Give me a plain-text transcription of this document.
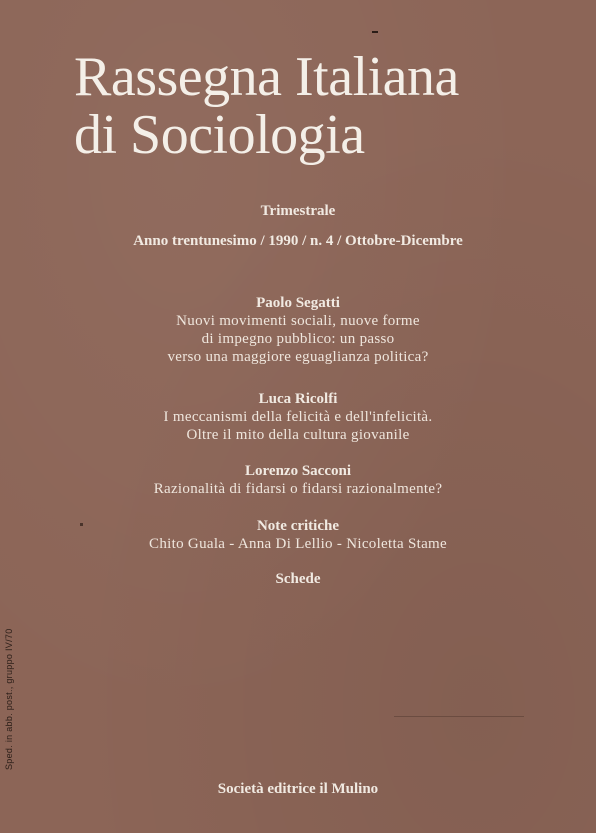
Rassegna Italiana
di Sociologia
Trimestrale
Anno trentunesimo / 1990 / n. 4 / Ottobre-Dicembre
Paolo Segatti
Nuovi movimenti sociali, nuove forme
di impegno pubblico: un passo
verso una maggiore eguaglianza politica?
Luca Ricolfi
I meccanismi della felicità e dell'infelicità.
Oltre il mito della cultura giovanile
Lorenzo Sacconi
Razionalità di fidarsi o fidarsi razionalmente?
Note critiche
Chito Guala - Anna Di Lellio - Nicoletta Stame
Schede
Sped. in abb. post., gruppo IV/70
Società editrice il Mulino
